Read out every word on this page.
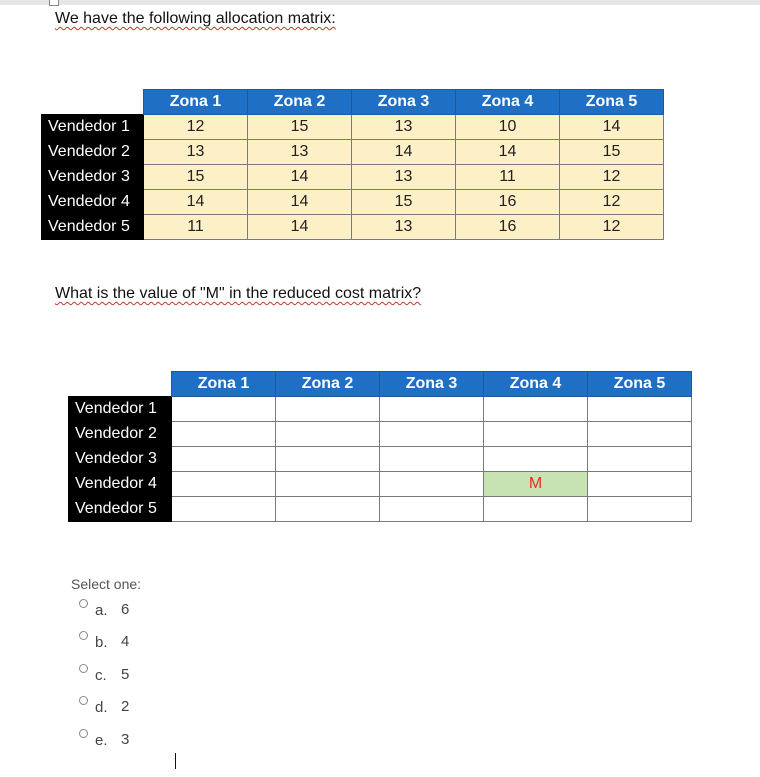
We have the following allocation matrix:
	Zona 1	Zona 2	Zona 3	Zona 4	Zona 5
Vendedor 1	12	15	13	10	14
Vendedor 2	13	13	14	14	15
Vendedor 3	15	14	13	11	12
Vendedor 4	14	14	15	16	12
Vendedor 5	11	14	13	16	12
What is the value of "M" in the reduced cost matrix?
	Zona 1	Zona 2	Zona 3	Zona 4	Zona 5
Vendedor 1					
Vendedor 2					
Vendedor 3					
Vendedor 4				M	
Vendedor 5					
Select one:
a. 6
b. 4
c. 5
d. 2
e. 3
